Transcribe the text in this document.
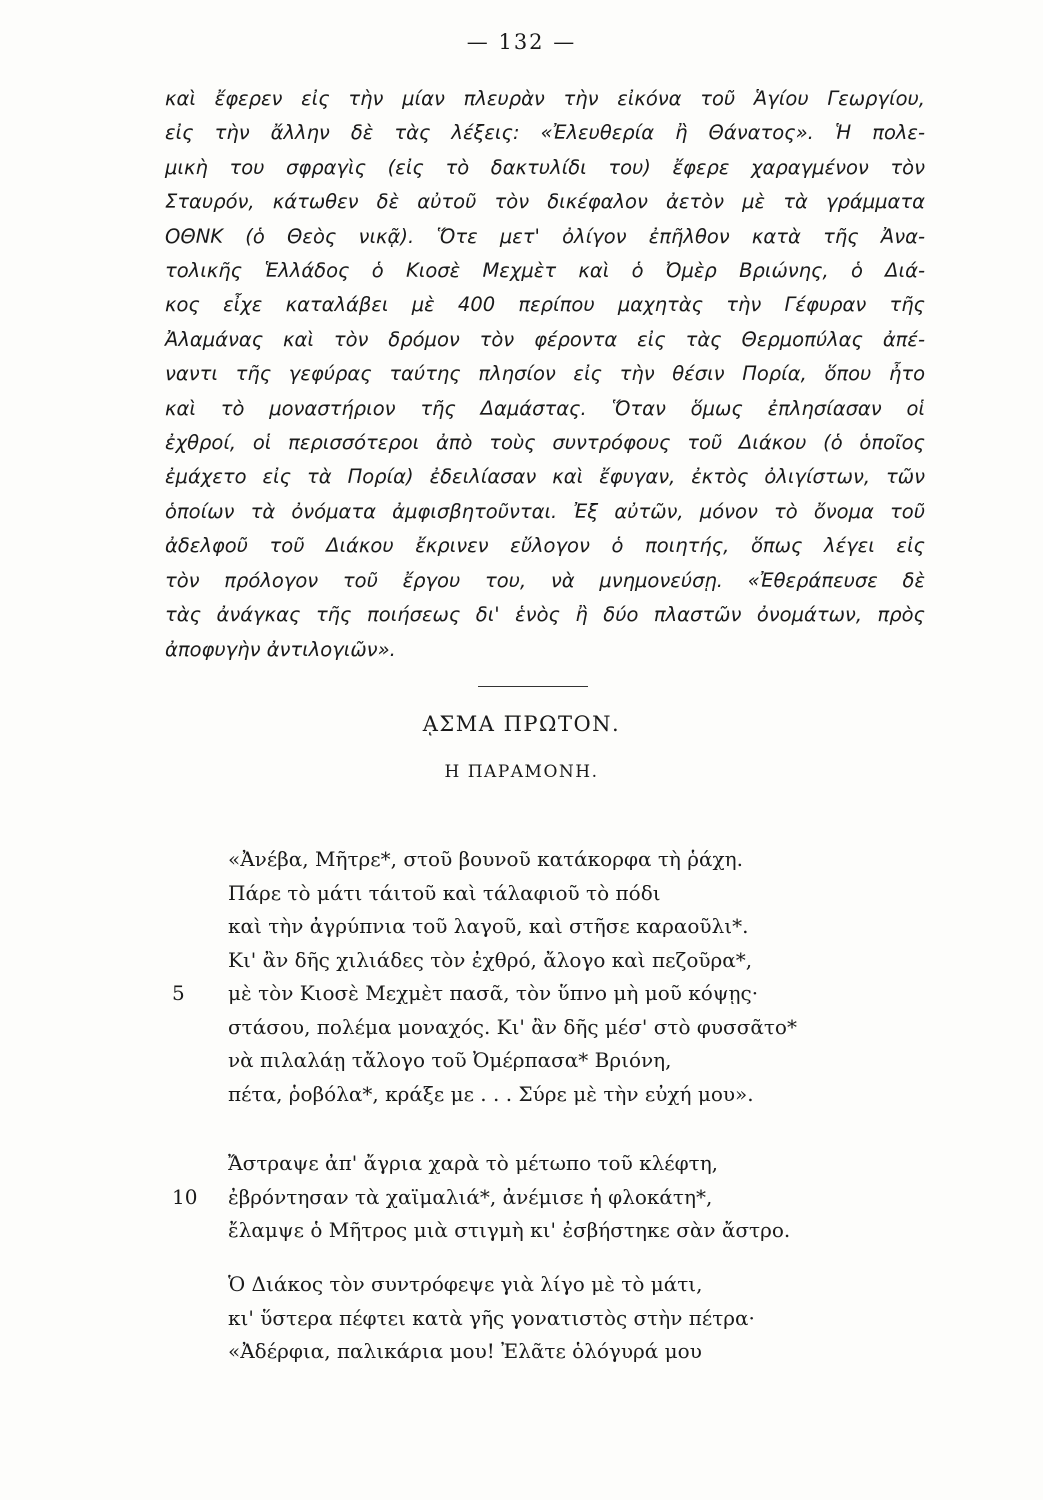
— 132 —
καὶ ἔφερεν εἰς τὴν μίαν πλευρὰν τὴν εἰκόνα τοῦ Ἁγίου Γεωργίου,
εἰς τὴν ἄλλην δὲ τὰς λέξεις: «Ἐλευθερία ἢ Θάνατος». Ἡ πολε-
μικὴ του σφραγὶς (εἰς τὸ δακτυλίδι του) ἔφερε χαραγμένον τὸν
Σταυρόν, κάτωθεν δὲ αὐτοῦ τὸν δικέφαλον ἀετὸν μὲ τὰ γράμματα
ΟΘΝΚ (ὁ Θεὸς νικᾷ). Ὅτε μετ' ὀλίγον ἐπῆλθον κατὰ τῆς Ἀνα-
τολικῆς Ἑλλάδος ὁ Κιοσὲ Μεχμὲτ καὶ ὁ Ὀμὲρ Βριώνης, ὁ Διά-
κος εἶχε καταλάβει μὲ 400 περίπου μαχητὰς τὴν Γέφυραν τῆς
Ἀλαμάνας καὶ τὸν δρόμον τὸν φέροντα εἰς τὰς Θερμοπύλας ἀπέ-
ναντι τῆς γεφύρας ταύτης πλησίον εἰς τὴν θέσιν Πορία, ὅπου ἦτο
καὶ τὸ μοναστήριον τῆς Δαμάστας. Ὅταν ὅμως ἐπλησίασαν οἱ
ἐχθροί, οἱ περισσότεροι ἀπὸ τοὺς συντρόφους τοῦ Διάκου (ὁ ὁποῖος
ἐμάχετο εἰς τὰ Πορία) ἐδειλίασαν καὶ ἔφυγαν, ἐκτὸς ὀλιγίστων, τῶν
ὁποίων τὰ ὀνόματα ἀμφισβητοῦνται. Ἐξ αὐτῶν, μόνον τὸ ὄνομα τοῦ
ἀδελφοῦ τοῦ Διάκου ἔκρινεν εὔλογον ὁ ποιητής, ὅπως λέγει εἰς
τὸν πρόλογον τοῦ ἔργου του, νὰ μνημονεύσῃ. «Ἐθεράπευσε δὲ
τὰς ἀνάγκας τῆς ποιήσεως δι' ἑνὸς ἢ δύο πλαστῶν ὀνομάτων, πρὸς
ἀποφυγὴν ἀντιλογιῶν».
ᾼΣΜΑ ΠΡΩΤΟΝ.
Η ΠΑΡΑΜΟΝΗ.
«Ἀνέβα, Μῆτρε*, στοῦ βουνοῦ κατάκορφα τὴ ῥάχη.
Πάρε τὸ μάτι τάιτοῦ καὶ τάλαφιοῦ τὸ πόδι
καὶ τὴν ἀγρύπνια τοῦ λαγοῦ, καὶ στῆσε καραοῦλι*.
Κι' ἂν δῆς χιλιάδες τὸν ἐχθρό, ἄλογο καὶ πεζοῦρα*,
5 μὲ τὸν Κιοσὲ Μεχμὲτ πασᾶ, τὸν ὕπνο μὴ μοῦ κόψῃς·
στάσου, πολέμα μοναχός. Κι' ἂν δῆς μέσ' στὸ φυσσᾶτο*
νὰ πιλαλάῃ τἄλογο τοῦ Ὀμέρπασα* Βριόνη,
πέτα, ῥοβόλα*, κράξε με . . . Σύρε μὲ τὴν εὐχή μου».
Ἄστραψε ἀπ' ἄγρια χαρὰ τὸ μέτωπο τοῦ κλέφτη,
10 ἐβρόντησαν τὰ χαϊμαλιά*, ἀνέμισε ἡ φλοκάτη*,
ἔλαμψε ὁ Μῆτρος μιὰ στιγμὴ κι' ἐσβήστηκε σὰν ἄστρο.
Ὁ Διάκος τὸν συντρόφεψε γιὰ λίγο μὲ τὸ μάτι,
κι' ὕστερα πέφτει κατὰ γῆς γονατιστὸς στὴν πέτρα·
«Ἀδέρφια, παλικάρια μου! Ἐλᾶτε ὁλόγυρά μου
